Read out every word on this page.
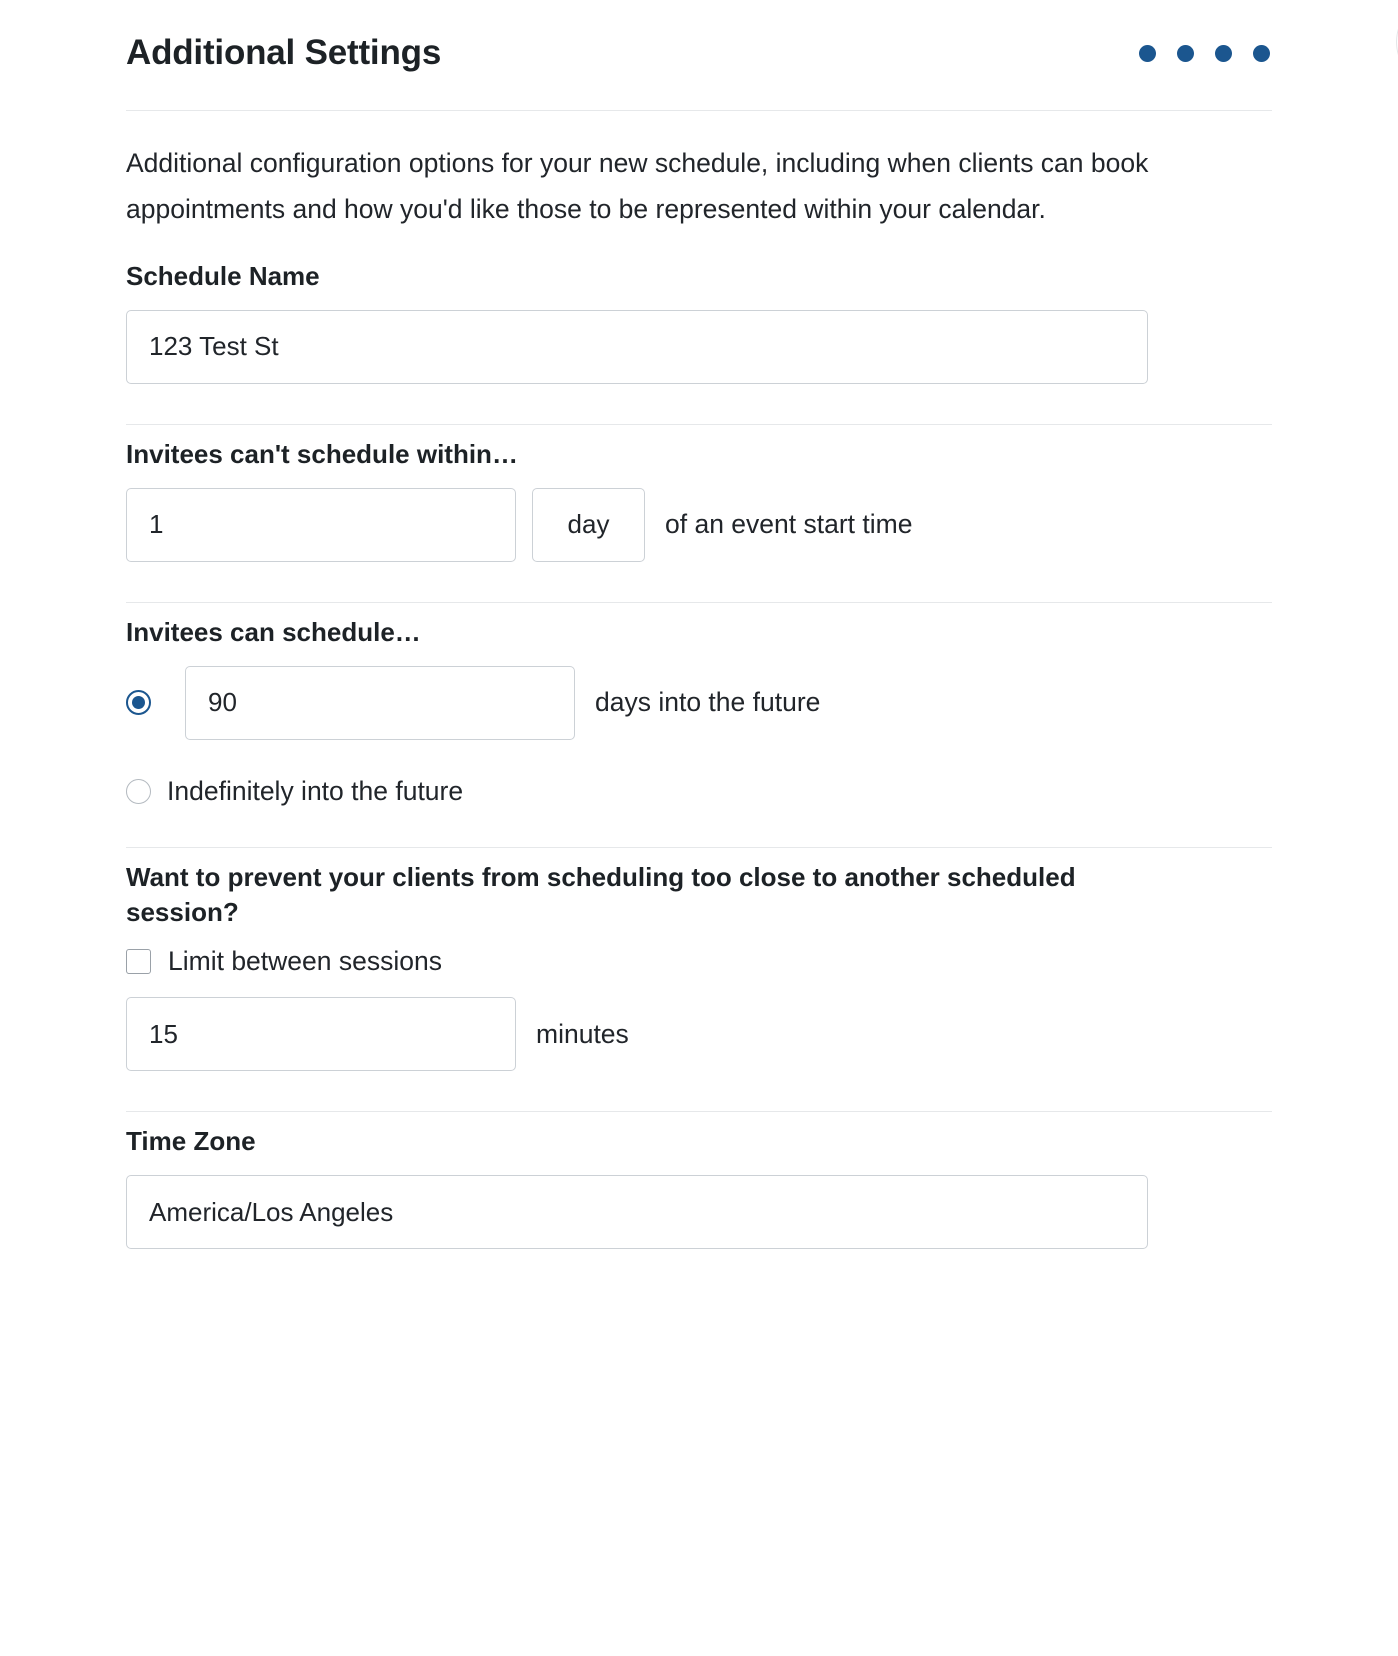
Additional Settings

Additional configuration options for your new schedule, including when clients can book appointments and how you'd like those to be represented within your calendar.

Schedule Name
123 Test St
Invitees can't schedule within…
1
day of an event start time
Invitees can schedule…
90
days into the future
Indefinitely into the future
Want to prevent your clients from scheduling too close to another scheduled session?
Limit between sessions
15
minutes
Time Zone
America/Los Angeles
